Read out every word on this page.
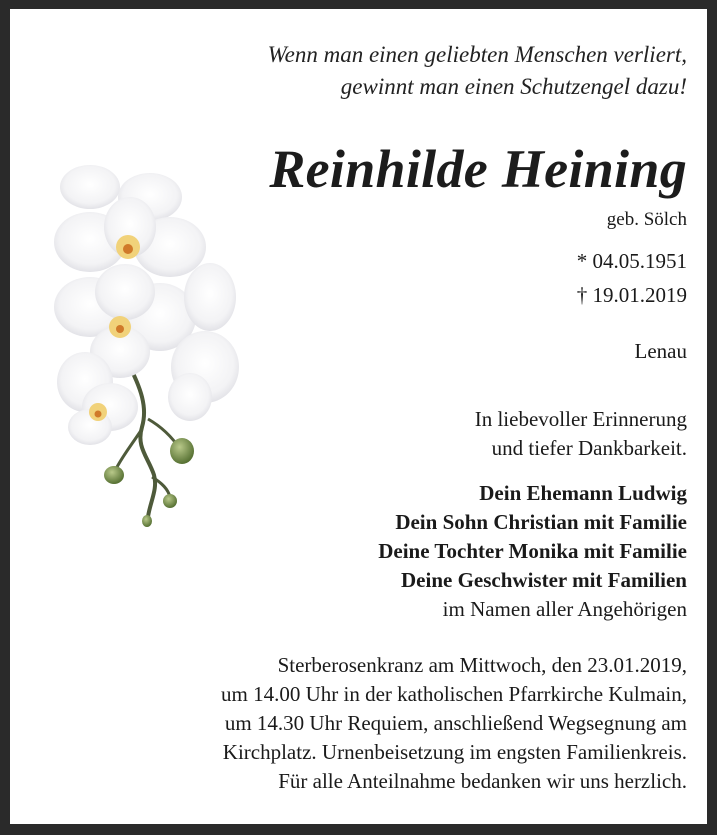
Wenn man einen geliebten Menschen verliert,
gewinnt man einen Schutzengel dazu!
Reinhilde Heining
geb. Sölch
* 04.05.1951
† 19.01.2019
Lenau
In liebevoller Erinnerung
und tiefer Dankbarkeit.
Dein Ehemann Ludwig
Dein Sohn Christian mit Familie
Deine Tochter Monika mit Familie
Deine Geschwister mit Familien
im Namen aller Angehörigen
Sterberosenkranz am Mittwoch, den 23.01.2019,
um 14.00 Uhr in der katholischen Pfarrkirche Kulmain,
um 14.30 Uhr Requiem, anschließend Wegsegnung am
Kirchplatz. Urnenbeisetzung im engsten Familienkreis.
Für alle Anteilnahme bedanken wir uns herzlich.
